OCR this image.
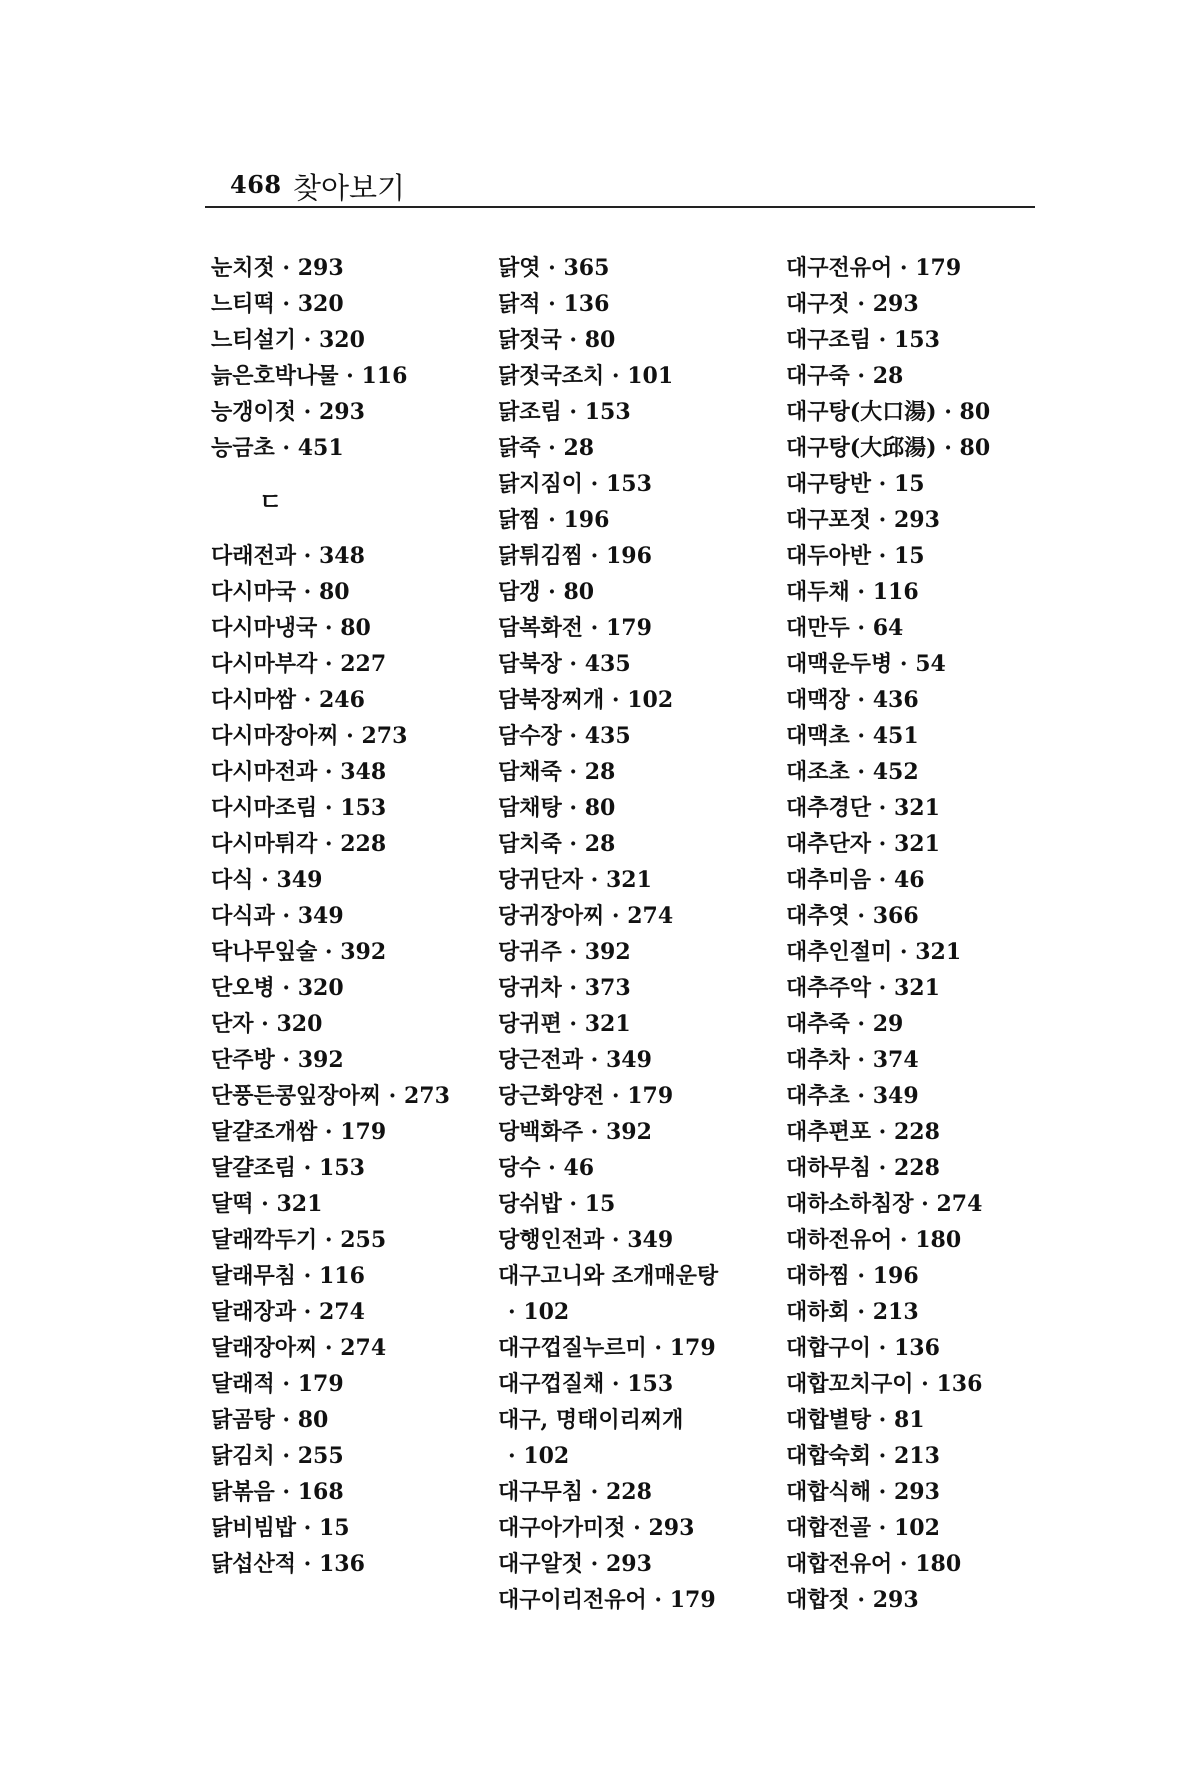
468 찾아보기
눈치젓 · 293
느티떡 · 320
느티설기 · 320
늙은호박나물 · 116
능갱이젓 · 293
능금초 · 451
ㄷ
다래전과 · 348
다시마국 · 80
다시마냉국 · 80
다시마부각 · 227
다시마쌈 · 246
다시마장아찌 · 273
다시마전과 · 348
다시마조림 · 153
다시마튀각 · 228
다식 · 349
다식과 · 349
닥나무잎술 · 392
단오병 · 320
단자 · 320
단주방 · 392
단풍든콩잎장아찌 · 273
달걀조개쌈 · 179
달걀조림 · 153
달떡 · 321
달래깍두기 · 255
달래무침 · 116
달래장과 · 274
달래장아찌 · 274
달래적 · 179
닭곰탕 · 80
닭김치 · 255
닭볶음 · 168
닭비빔밥 · 15
닭섭산적 · 136
닭엿 · 365
닭적 · 136
닭젓국 · 80
닭젓국조치 · 101
닭조림 · 153
닭죽 · 28
닭지짐이 · 153
닭찜 · 196
닭튀김찜 · 196
담갱 · 80
담복화전 · 179
담북장 · 435
담북장찌개 · 102
담수장 · 435
담채죽 · 28
담채탕 · 80
담치죽 · 28
당귀단자 · 321
당귀장아찌 · 274
당귀주 · 392
당귀차 · 373
당귀편 · 321
당근전과 · 349
당근화양전 · 179
당백화주 · 392
당수 · 46
당쉬밥 · 15
당행인전과 · 349
대구고니와 조개매운탕
· 102
대구껍질누르미 · 179
대구껍질채 · 153
대구, 명태이리찌개
· 102
대구무침 · 228
대구아가미젓 · 293
대구알젓 · 293
대구이리전유어 · 179
대구전유어 · 179
대구젓 · 293
대구조림 · 153
대구죽 · 28
대구탕(大口湯) · 80
대구탕(大邱湯) · 80
대구탕반 · 15
대구포젓 · 293
대두아반 · 15
대두채 · 116
대만두 · 64
대맥운두병 · 54
대맥장 · 436
대맥초 · 451
대조초 · 452
대추경단 · 321
대추단자 · 321
대추미음 · 46
대추엿 · 366
대추인절미 · 321
대추주악 · 321
대추죽 · 29
대추차 · 374
대추초 · 349
대추편포 · 228
대하무침 · 228
대하소하침장 · 274
대하전유어 · 180
대하찜 · 196
대하회 · 213
대합구이 · 136
대합꼬치구이 · 136
대합별탕 · 81
대합숙회 · 213
대합식해 · 293
대합전골 · 102
대합전유어 · 180
대합젓 · 293
